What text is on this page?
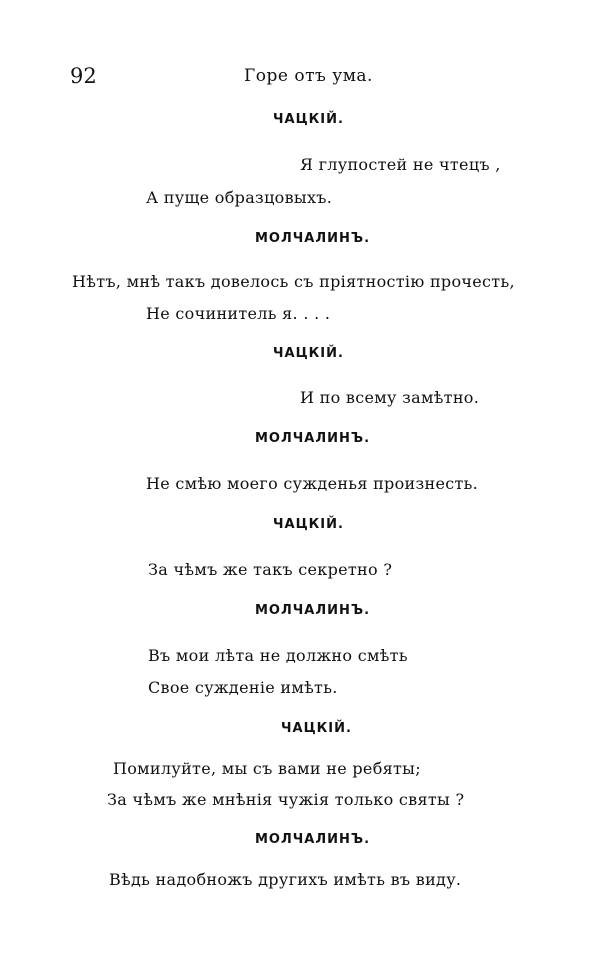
92	Горе отъ ума.
ЧАЦКІЙ.
Я глупостей не чтецъ ,
А пуще образцовыхъ.
МОЛЧАЛИНЪ.
Нѣтъ, мнѣ такъ довелось съ пріятностію прочесть,
Не сочинитель я. . . .
ЧАЦКІЙ.
И по всему замѣтно.
МОЛЧАЛИНЪ.
Не смѣю моего сужденья произнесть.
ЧАЦКІЙ.
За чѣмъ же такъ секретно ?
МОЛЧАЛИНЪ.
Въ мои лѣта не должно смѣть
Свое сужденіе имѣть.
ЧАЦКІЙ.
Помилуйте, мы съ вами не ребяты;
За чѣмъ же мнѣнія чужія только святы ?
МОЛЧАЛИНЪ.
Вѣдь надобножъ другихъ имѣть въ виду.
